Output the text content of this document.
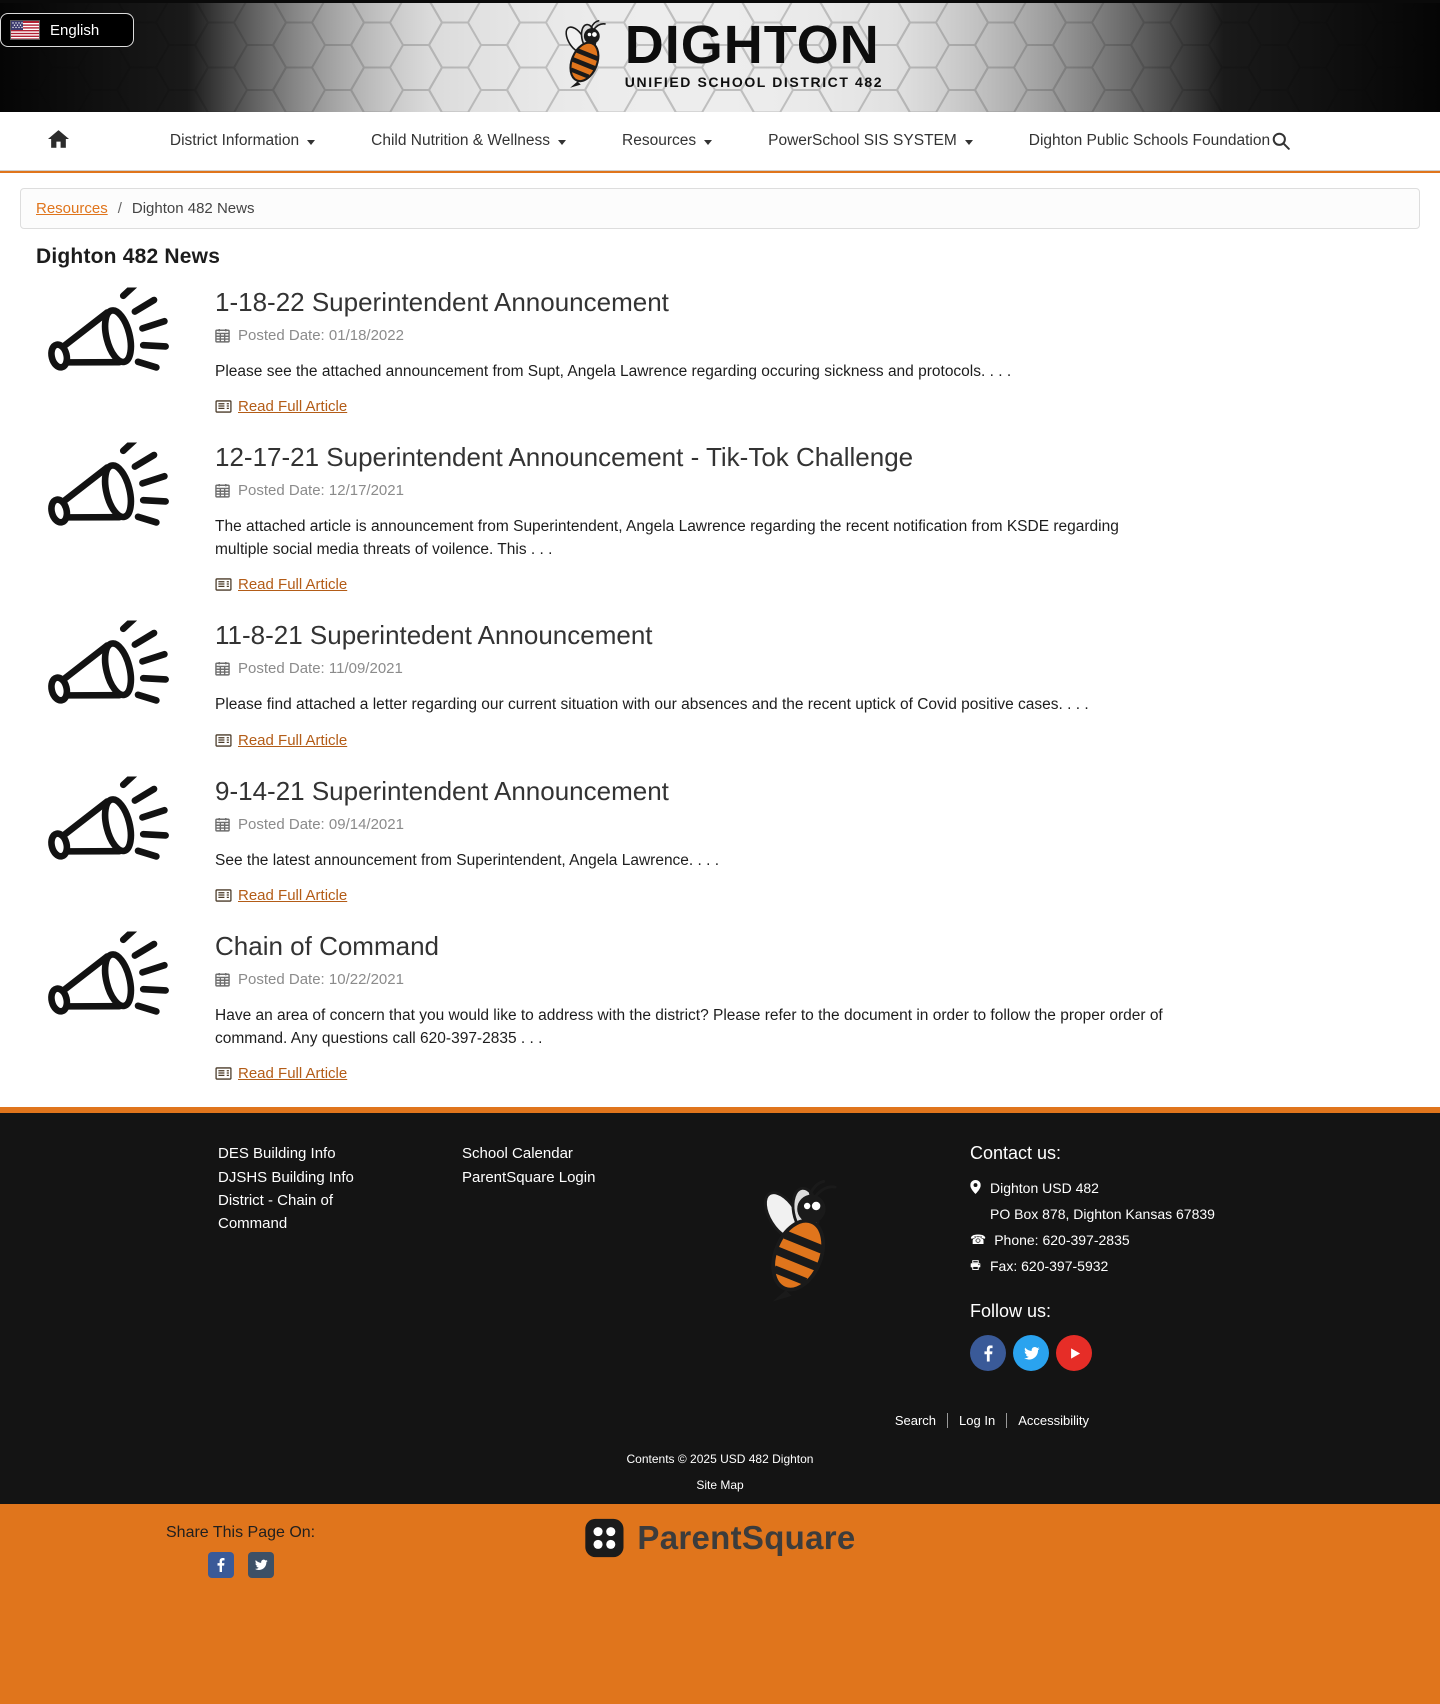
English	DIGHTON
UNIFIED SCHOOL DISTRICT 482
District Information	Child Nutrition & Wellness	Resources	PowerSchool SIS SYSTEM	Dighton Public Schools Foundation
Resources / Dighton 482 News
Dighton 482 News
1-18-22 Superintendent Announcement
Posted Date: 01/18/2022

Please see the attached announcement from Supt, Angela Lawrence regarding occuring sickness and protocols. . . .

Read Full Article
12-17-21 Superintendent Announcement - Tik-Tok Challenge
Posted Date: 12/17/2021

The attached article is announcement from Superintendent, Angela Lawrence regarding the recent notification from KSDE regarding multiple social media threats of voilence. This . . .

Read Full Article
11-8-21 Superintedent Announcement
Posted Date: 11/09/2021

Please find attached a letter regarding our current situation with our absences and the recent uptick of Covid positive cases. . . .

Read Full Article
9-14-21 Superintendent Announcement
Posted Date: 09/14/2021

See the latest announcement from Superintendent, Angela Lawrence. . . .

Read Full Article
Chain of Command
Posted Date: 10/22/2021

Have an area of concern that you would like to address with the district? Please refer to the document in order to follow the proper order of command. Any questions call 620-397-2835 . . .

Read Full Article
DES Building Info
DJSHS Building Info
District - Chain of Command
School Calendar
ParentSquare Login
Contact us:
Dighton USD 482
PO Box 878, Dighton Kansas 67839
☎ Phone: 620-397-2835
Fax: 620-397-5932
Follow us:
Search	Log In	Accessibility
Contents © 2025 USD 482 Dighton
Site Map
Share This Page On:	ParentSquare
